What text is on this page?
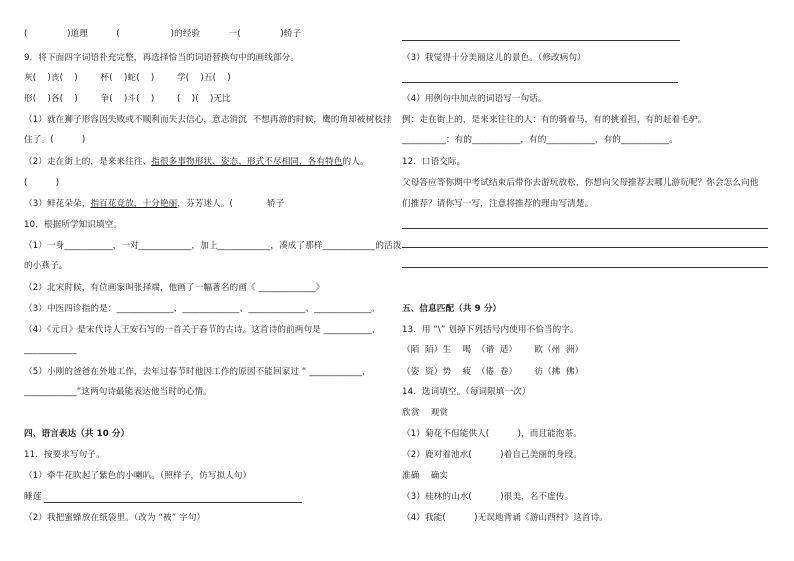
(              )道理          (                  )的经验          一(              )轿子
9．将下面四字词语补充完整，再选择恰当的词语替换句中的画线部分。
灰(    )丧(    )        杯(    )蛇(    )        学(    )五(    )
形(    )各(    )        争(    )斗(    )        (    )(    )无比
（1）就在狮子形容因失败或不顺利而失去信心，意志消沉  不想再游的时候，鹰的角却被树枝挂
住了。(          )
（2）走在街上的，是来来往往、指很多事物形状、姿态、形式不尽相同，各有特色的人。
(          )
（3）鲜花朵朵，指百花竞放，十分艳丽，芬芳迷人。(            轿子
10．根据所学知识填空。
（1）一身___________，一对____________，加上____________，凑成了那样____________的活泼
的小燕子。
（2）北宋时候，有位画家叫张择端，他画了一幅著名的画《 _____________》
（3）中医四诊指的是：_____________、_____________、_____________、_____________。
（4）《元日》是宋代诗人王安石写的一首关于春节的古诗。这首诗的前两句是 ___________，
____________
（5）小刚的爸爸在外地工作，去年过春节时他因工作的原因不能回家过 “ ____________，
____________”这两句诗最能表达他当时的心情。
四、语言表达（共 10 分）
11．按要求写句子。
（1）牵牛花吹起了紫色的小喇叭。（照样子，仿写拟人句）
睡莲
（2）我把蜜蜂放在纸袋里。（改为 “被” 字句）
（3）我觉得十分美丽这儿的景色。（修改病句）
（4）用例句中加点的词语写一句话。
例：走在街上的，是来来往往的人：有的骑着马，有的挑着担，有的赶着毛驴。
__________：有的___________，有的___________，有的___________。
12．口语交际。
父母答应等你期中考试结束后带你去游玩放松，你想向父母推荐去哪儿游玩呢？你会怎么向他
们推荐？请你写一写，注意将推荐的理由写清楚。
五、信息匹配（共 9 分）
13．用 “\” 划掉下列括号内使用不恰当的字。
（陌  陌）生    喝  （谐  适）      欧（州  洲）
（姿  资）势    疲  （倦  卷）      彷（拂  佛）
14．选词填空。（每词限填一次）
欣赏    观赏
（1）菊花不但能供人(          )，而且能泡茶。
（2）鹿对着池水(          )着自己美丽的身段。
准确    确实
（3）桂林的山水(          )很美，名不虚传。
（4）我能(          )无误地背诵《游山西村》这首诗。
